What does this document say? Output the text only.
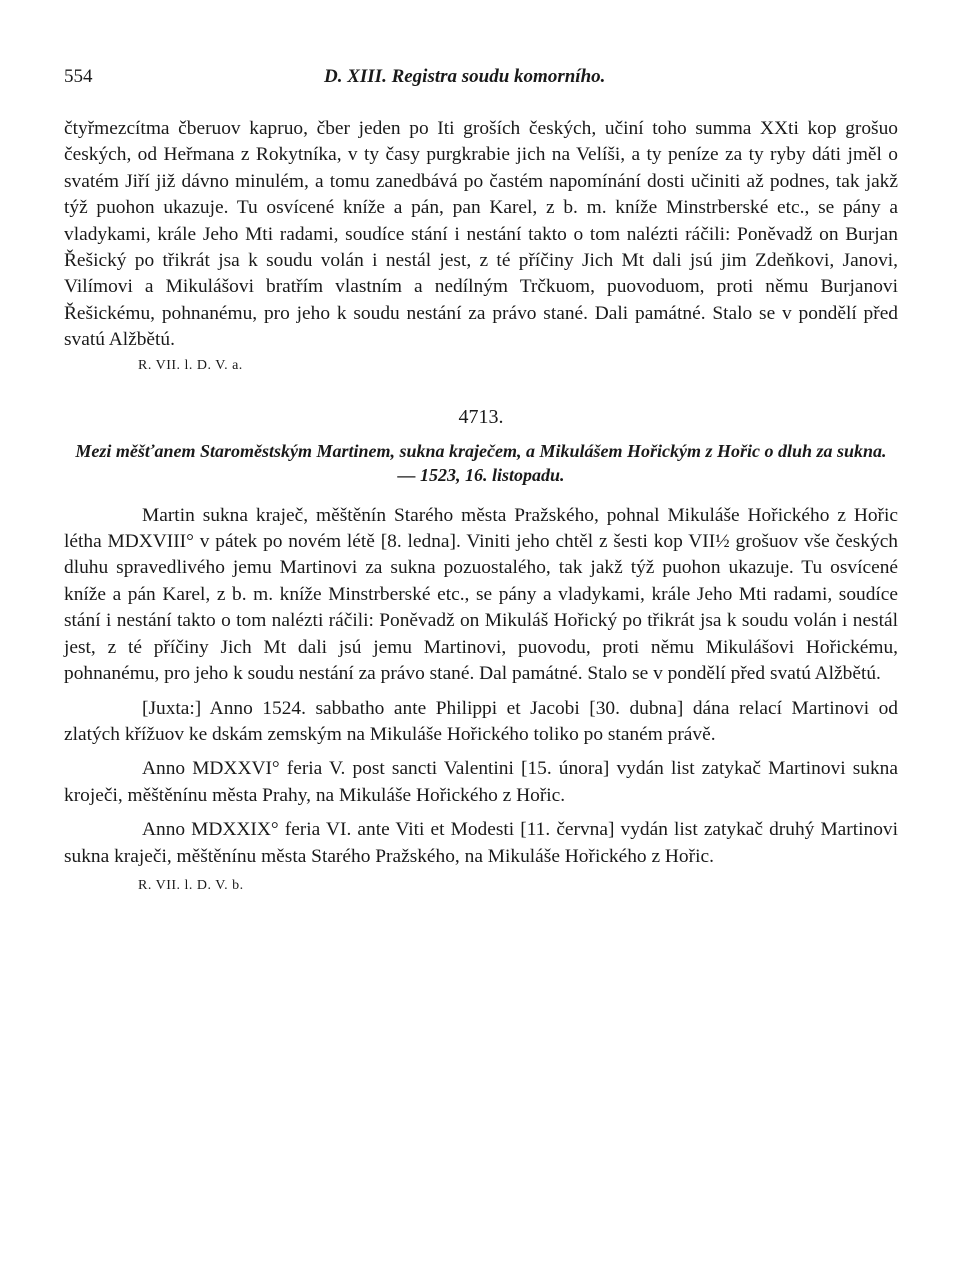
554	D. XIII. Registra soudu komorního.

čtyřmezcítma čberuov kapruo, čber jeden po Iti groších českých, učiní toho summa XXti kop grošuo českých, od Heřmana z Rokytníka, v ty časy purgkrabie jich na Velíši, a ty peníze za ty ryby dáti jměl o svatém Jiří již dávno minulém, a tomu zanedbává po častém napomínání dosti učiniti až podnes, tak jakž týž puohon ukazuje. Tu osvícené kníže a pán, pan Karel, z b. m. kníže Minstrberské etc., se pány a vladykami, krále Jeho Mti radami, soudíce stání i nestání takto o tom nalézti ráčili: Poněvadž on Burjan Řešický po třikrát jsa k soudu volán i nestál jest, z té příčiny Jich Mt dali jsú jim Zdeňkovi, Janovi, Vilímovi a Mikulášovi bratřím vlastním a nedílným Trčkuom, puovoduom, proti němu Burjanovi Řešickému, pohnanému, pro jeho k soudu nestání za právo stané. Dali památné. Stalo se v pondělí před svatú Alžbětú.

R. VII. l. D. V. a.
4713.
Mezi měšťanem Staroměstským Martinem, sukna kraječem, a Mikulášem Hořickým z Hořic o dluh za sukna. — 1523, 16. listopadu.

Martin sukna kraječ, měštěnín Starého města Pražského, pohnal Mikuláše Hořického z Hořic létha MDXVIII° v pátek po novém létě [8. ledna]. Viniti jeho chtěl z šesti kop VII½ grošuov vše českých dluhu spravedlivého jemu Martinovi za sukna pozuostalého, tak jakž týž puohon ukazuje. Tu osvícené kníže a pán Karel, z b. m. kníže Minstrberské etc., se pány a vladykami, krále Jeho Mti radami, soudíce stání i nestání takto o tom nalézti ráčili: Poněvadž on Mikuláš Hořický po třikrát jsa k soudu volán i nestál jest, z té příčiny Jich Mt dali jsú jemu Martinovi, puovodu, proti němu Mikulášovi Hořickému, pohnanému, pro jeho k soudu nestání za právo stané. Dal památné. Stalo se v pondělí před svatú Alžbětú.

[Juxta:] Anno 1524. sabbatho ante Philippi et Jacobi [30. dubna] dána relací Martinovi od zlatých křížuov ke dskám zemským na Mikuláše Hořického toliko po staném právě.

Anno MDXXVI° feria V. post sancti Valentini [15. února] vydán list zatykač Martinovi sukna kroječi, měštěnínu města Prahy, na Mikuláše Hořického z Hořic.

Anno MDXXIX° feria VI. ante Viti et Modesti [11. června] vydán list zatykač druhý Martinovi sukna kraječi, měštěnínu města Starého Pražského, na Mikuláše Hořického z Hořic.

R. VII. l. D. V. b.
